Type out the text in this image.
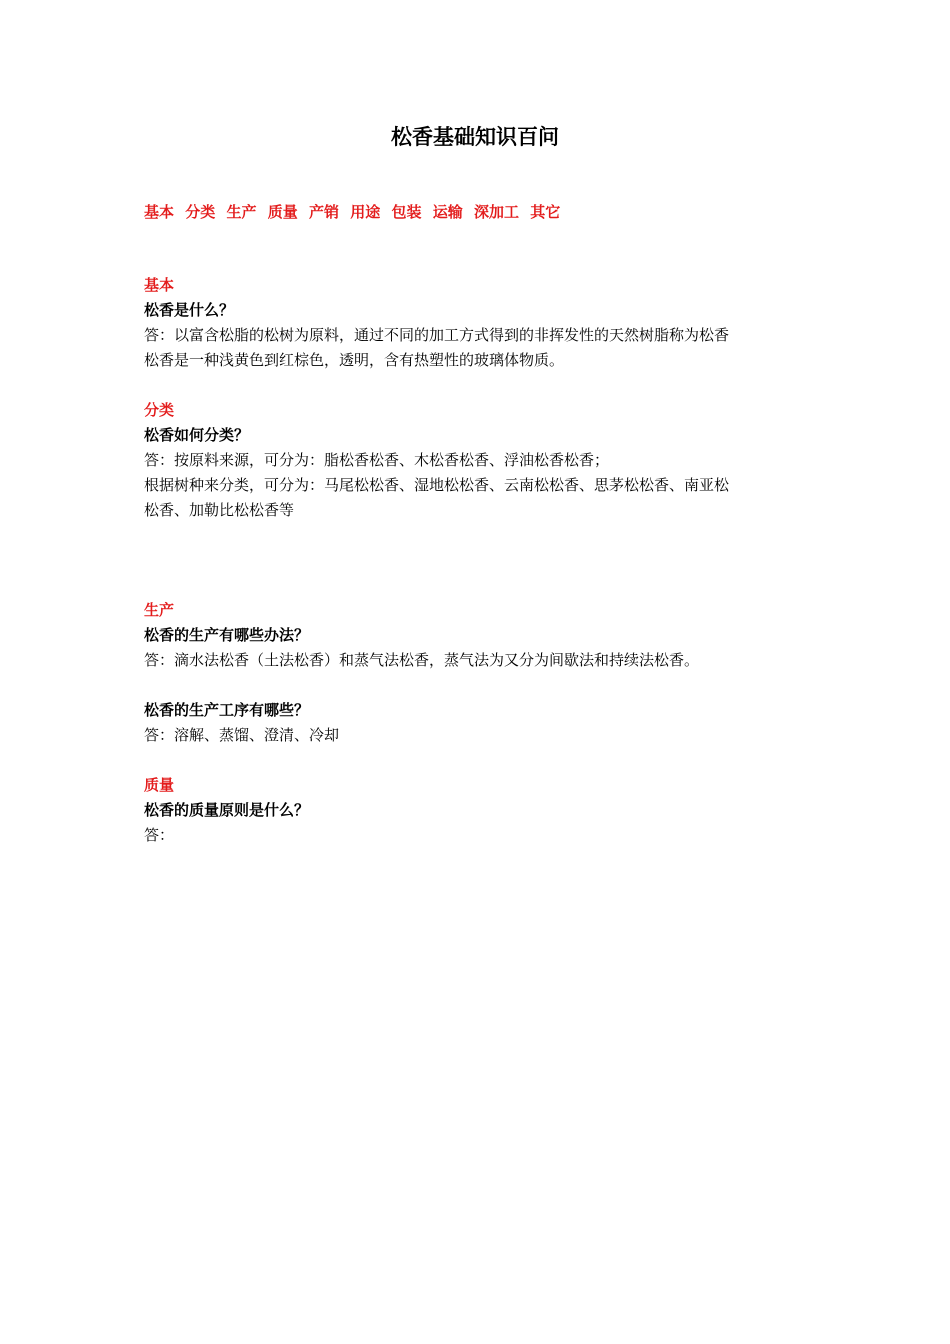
松香基础知识百问
基本 分类 生产 质量 产销 用途 包装 运输 深加工 其它

基本

松香是什么？

答：以富含松脂的松树为原料，通过不同的加工方式得到的非挥发性的天然树脂称为松香

松香是一种浅黄色到红棕色，透明，含有热塑性的玻璃体物质。

分类

松香如何分类？

答：按原料来源，可分为：脂松香松香、木松香松香、浮油松香松香；

根据树种来分类，可分为：马尾松松香、湿地松松香、云南松松香、思茅松松香、南亚松

松香、加勒比松松香等

生产

松香的生产有哪些办法？

答：滴水法松香（土法松香）和蒸气法松香，蒸气法为又分为间歇法和持续法松香。

松香的生产工序有哪些？

答：溶解、蒸馏、澄清、冷却

质量

松香的质量原则是什么？

答：
